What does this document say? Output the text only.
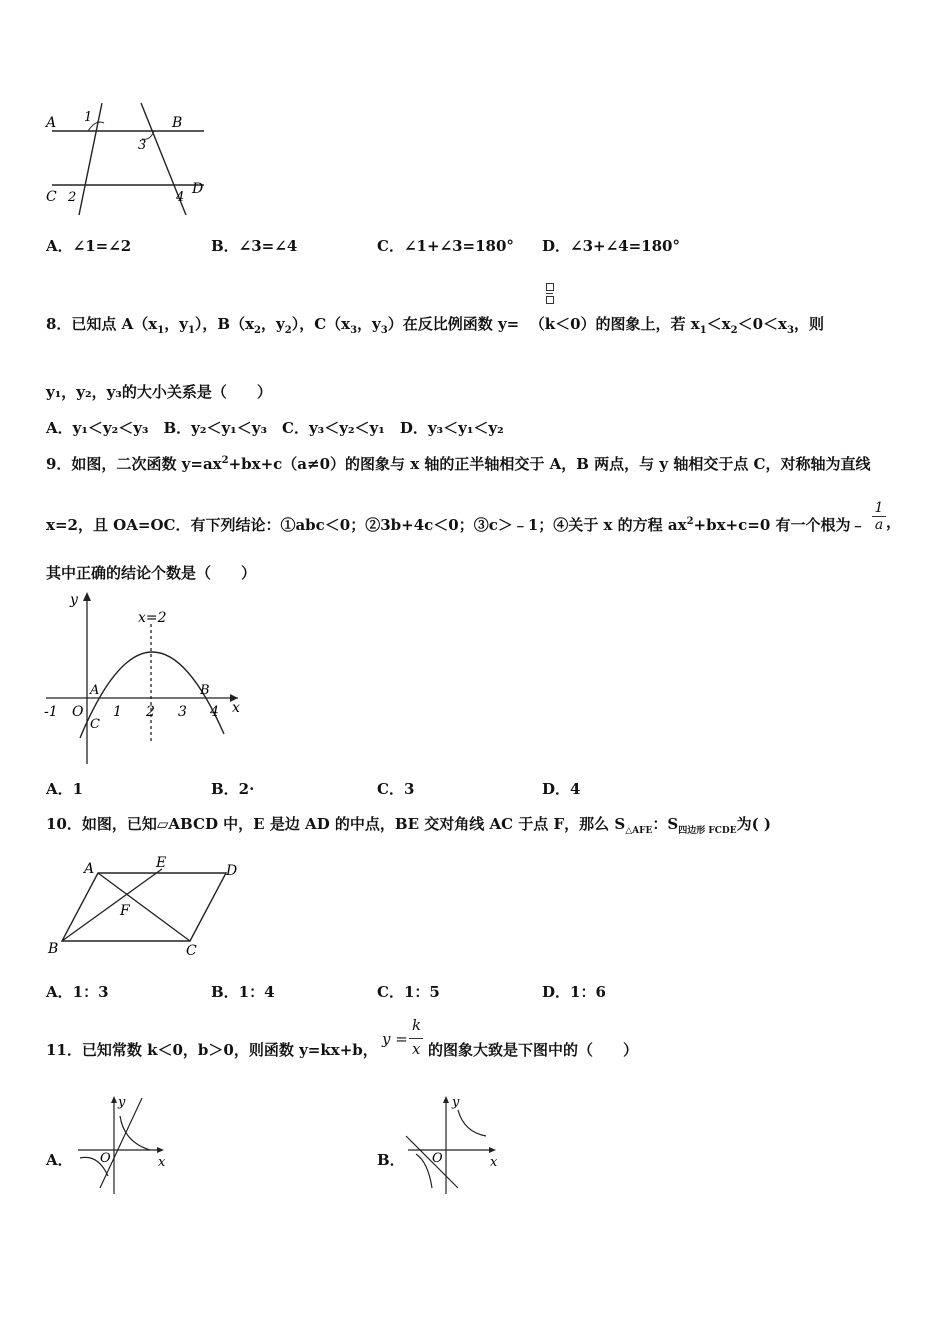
A 1	B
3
C 2	4
D
A．∠1=∠2	B．∠3=∠4	C．∠1+∠3=180° D．∠3+∠4=180°
8．已知点 $A(x_1$，$y_1$），$B(x_2$，$y_2$），$C(x_3$，$y_3$）在反比例函数 y= （k＜0）的图象上，若 $x_1<x_2<0<x_3$，则
y₁，y₂，y₃的大小关系是（　　）
A．y₁＜y₂＜y₃　B．y₂＜y₁＜y₃　C．y₃＜y₂＜y₁　D．y₃＜y₁＜y₂
9．如图，二次函数 $y=ax^2+bx+c(a\ne 0)$的图象与 x 轴的正半轴相交于 A，B 两点，与 y 轴相交于点 C，对称轴为直线
x=2，且 OA=OC．有下列结论：①abc＜0；②3b+4c＜0；③c＞﹣1；④关于 x 的方程 $ax^2+bx+c=0$ 有一个根为﹣ $\frac{1}{a}$ ，
其中正确的结论个数是（　　）
y
x=2
A	B
x
-1 O 1 2 3 4
C
A．1	B．2·	C．3	D．4
10．如图，已知▱ABCD 中，E 是边 AD 的中点，BE 交对角线 AC 于点 F，那么 $S_{\triangle AFE}$：$S_{四边形 FCDE}$为( )
A	E	D
F
B	C
A．1：3	B．1：4	C．1：5	D．1：6
11．已知常数 k＜0，b＞0，则函数 y=kx+b，
y =
k
x 的图象大致是下图中的（　　）
A．
y
O	x	B．
y
O	x
